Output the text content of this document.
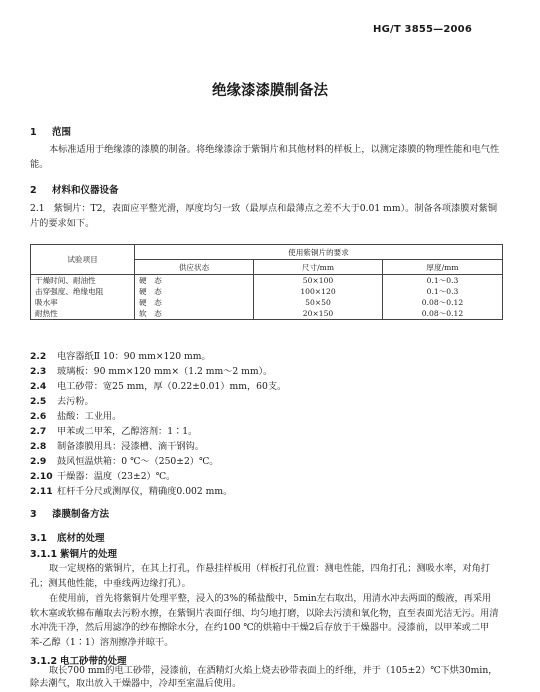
HG/T 3855—2006
绝缘漆漆膜制备法
1 范围
本标准适用于绝缘漆的漆膜的制备。将绝缘漆涂于紫铜片和其他材料的样板上，以测定漆膜的物理性能和电气性能。
2 材料和仪器设备
2.1　紫铜片：T2，表面应平整光滑，厚度均匀一致（最厚点和最薄点之差不大于0.01 mm）。制备各项漆膜对紫铜片的要求如下。
试验项目	使用紫铜片的要求		
	供应状态	尺寸/mm	厚度/mm
干燥时间、耐油性	硬　态	50×100	0.1～0.3
击穿强度、绝缘电阻	硬　态	100×120	0.1～0.3
吸水率	硬　态	50×50	0.08～0.12
耐热性	软　态	20×150	0.08～0.12
2.2 电容器纸Ⅱ 10：90 mm×120 mm。
2.3 玻璃板：90 mm×120 mm×（1.2 mm～2 mm）。
2.4 电工砂带：宽25 mm，厚（0.22±0.01）mm，60支。
2.5 去污粉。
2.6 盐酸：工业用。
2.7 甲苯或二甲苯，乙醇溶剂：1∶1。
2.8 制备漆膜用具：浸漆槽、滴干钢钩。
2.9 鼓风恒温烘箱：0 ℃～（250±2）℃。
2.10 干燥器：温度（23±2）℃。
2.11 杠杆千分尺或测厚仪，精确度0.002 mm。
3 漆膜制备方法
3.1 底材的处理
3.1.1 紫铜片的处理
取一定规格的紫铜片，在其上打孔，作悬挂样板用（样板打孔位置：测电性能，四角打孔；测吸水率，对角打孔；测其他性能，中垂线两边缘打孔）。
在使用前，首先将紫铜片处理平整，浸入的3%的稀盐酸中，5min左右取出，用清水冲去两面的酸液，再采用软木塞或软棉布蘸取去污粉水擦，在紫铜片表面仔细、均匀地打磨，以除去污渍和氧化物，直至表面光洁无污。用清水冲洗干净，然后用滤净的纱布擦除水分，在约100 ℃的烘箱中干燥2后存放于干燥器中。浸漆前，以甲苯或二甲苯-乙醇（1∶1）溶剂擦净并晾干。
3.1.2 电工砂带的处理
取长700 mm的电工砂带，浸漆前，在酒精灯火焰上烧去砂带表面上的纤维，并于（105±2）℃下烘30min，除去潮气，取出放入干燥器中，冷却至室温后使用。
